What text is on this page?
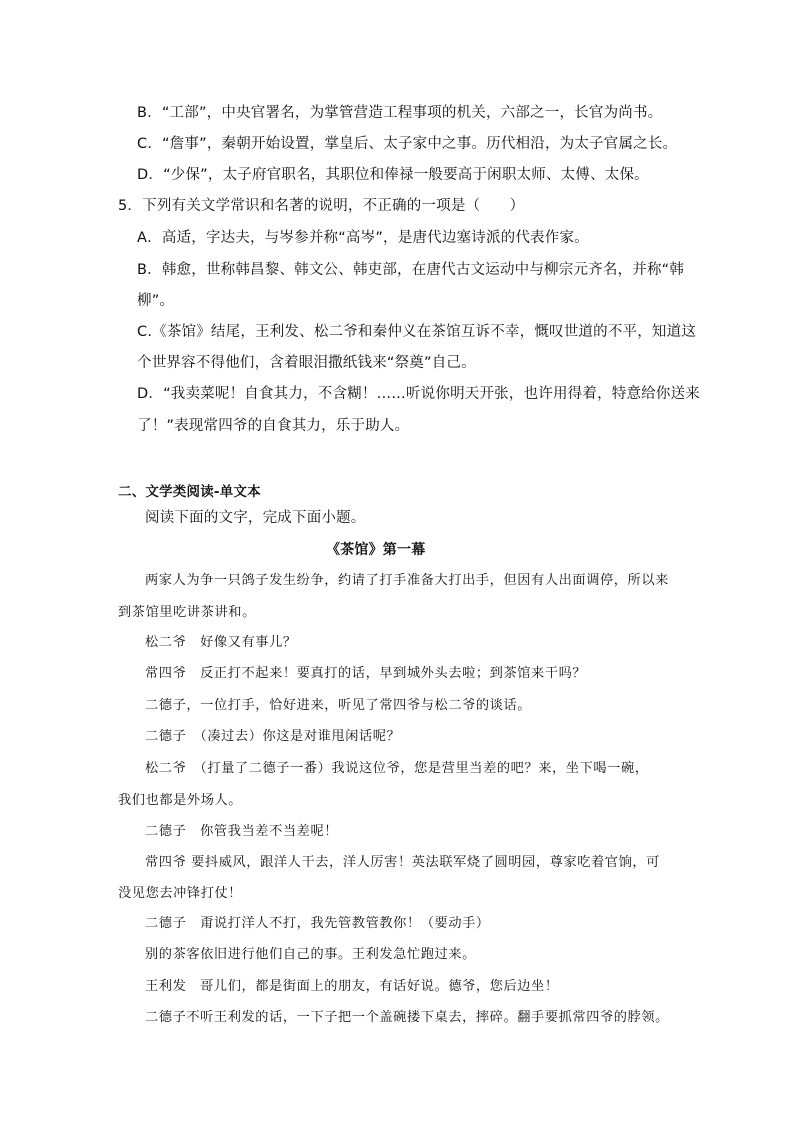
B．“工部”，中央官署名，为掌管营造工程事项的机关，六部之一，长官为尚书。
C．“詹事”，秦朝开始设置，掌皇后、太子家中之事。历代相沿，为太子官属之长。
D．“少保”，太子府官职名，其职位和俸禄一般要高于闲职太师、太傅、太保。
5．下列有关文学常识和名著的说明，不正确的一项是（　　）
A．高适，字达夫，与岑参并称“高岑”，是唐代边塞诗派的代表作家。
B．韩愈，世称韩昌黎、韩文公、韩吏部，在唐代古文运动中与柳宗元齐名，并称“韩
柳”。
C.《茶馆》结尾，王利发、松二爷和秦仲义在茶馆互诉不幸，慨叹世道的不平，知道这
个世界容不得他们，含着眼泪撒纸钱来“祭奠”自己。
D．“我卖菜呢！自食其力，不含糊！……听说你明天开张，也许用得着，特意给你送来
了！”表现常四爷的自食其力，乐于助人。
二、文学类阅读-单文本
阅读下面的文字，完成下面小题。
《茶馆》第一幕
两家人为争一只鸽子发生纷争，约请了打手准备大打出手，但因有人出面调停，所以来
到茶馆里吃讲茶讲和。
松二爷　好像又有事儿？
常四爷　反正打不起来！要真打的话，早到城外头去啦；到茶馆来干吗？
二德子，一位打手，恰好进来，听见了常四爷与松二爷的谈话。
二德子　（凑过去）你这是对谁甩闲话呢？
松二爷　（打量了二德子一番）我说这位爷，您是营里当差的吧？来，坐下喝一碗，
我们也都是外场人。
二德子　你管我当差不当差呢！
常四爷 要抖威风，跟洋人干去，洋人厉害！英法联军烧了圆明园，尊家吃着官饷，可
没见您去冲锋打仗！
二德子　甭说打洋人不打，我先管教管教你！（要动手）
别的茶客依旧进行他们自己的事。王利发急忙跑过来。
王利发　哥儿们，都是街面上的朋友，有话好说。德爷，您后边坐！
二德子不听王利发的话，一下子把一个盖碗搂下桌去，摔碎。翻手要抓常四爷的脖领。
